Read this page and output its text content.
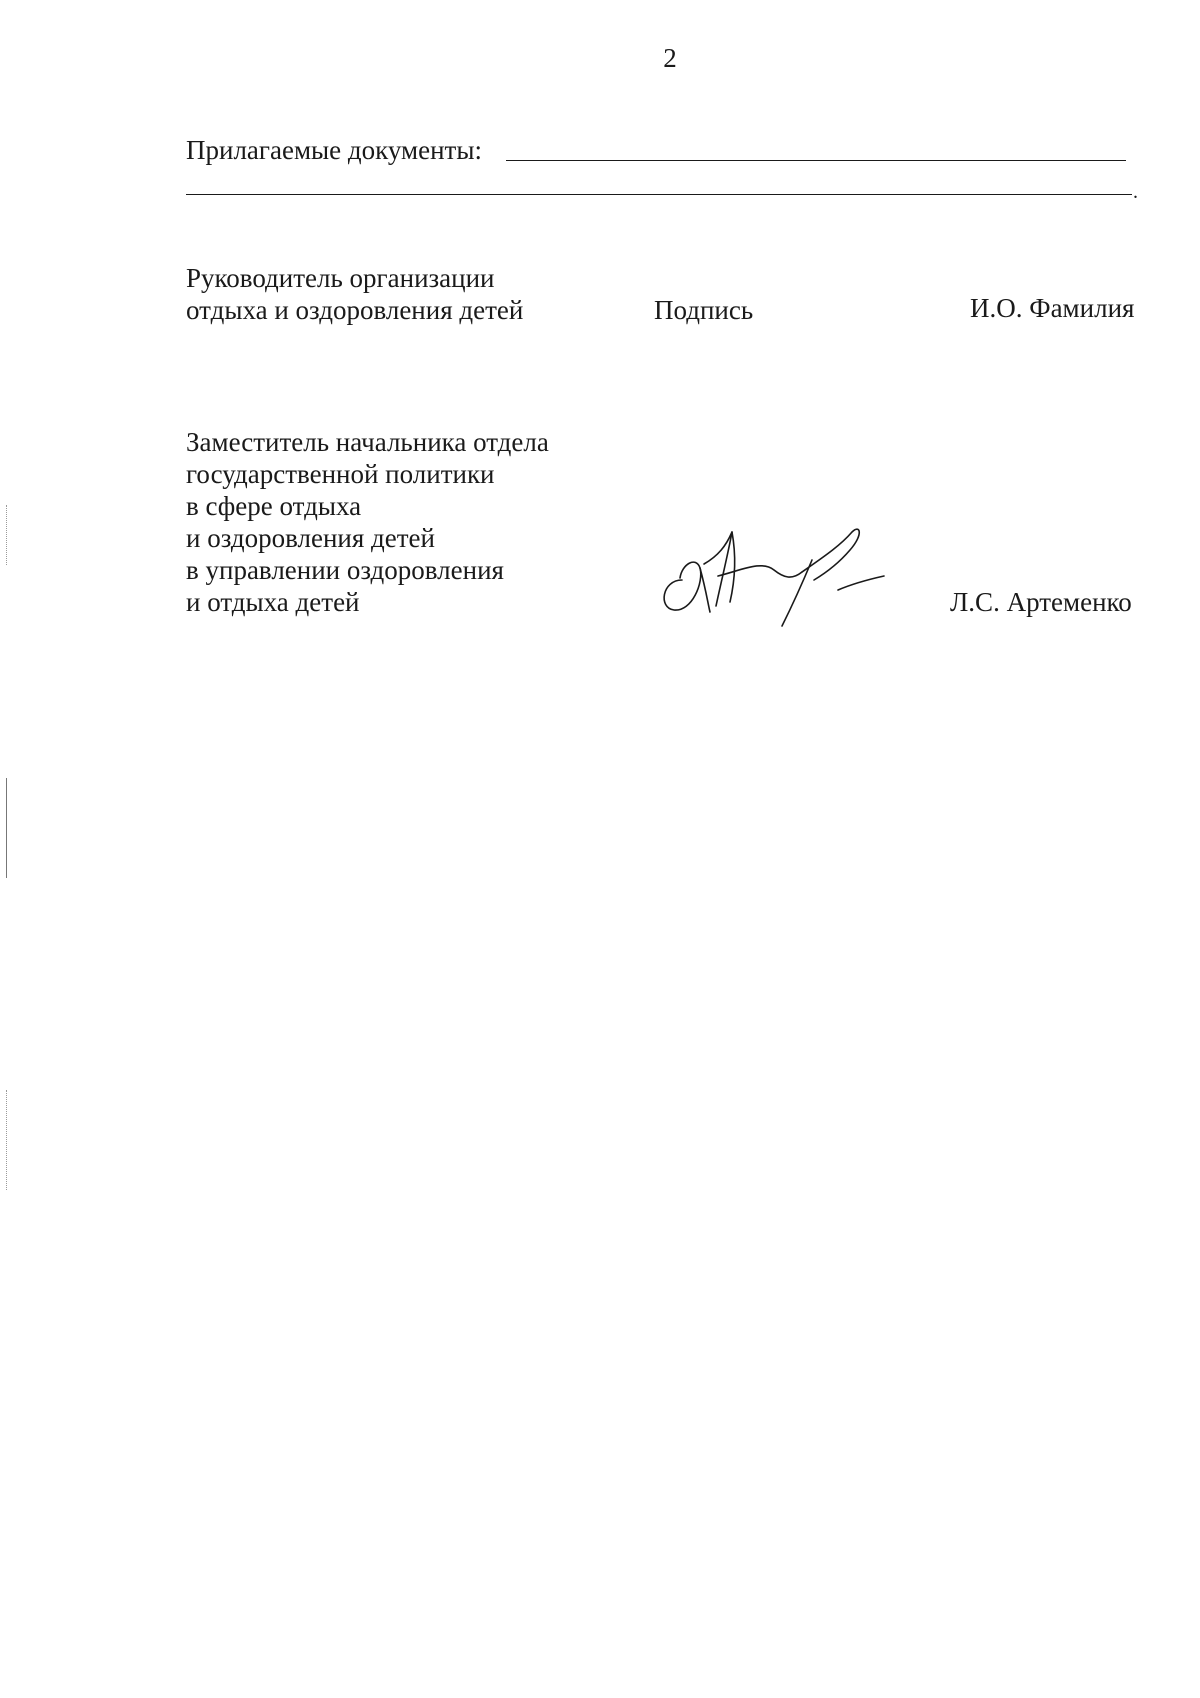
2
Прилагаемые документы:
.
Руководитель организации
отдыха и оздоровления детей	Подпись	И.О. Фамилия
Заместитель начальника отдела
государственной политики
в сфере отдыха
и оздоровления детей
в управлении оздоровления
и отдыха детей	Л.С. Артеменко
